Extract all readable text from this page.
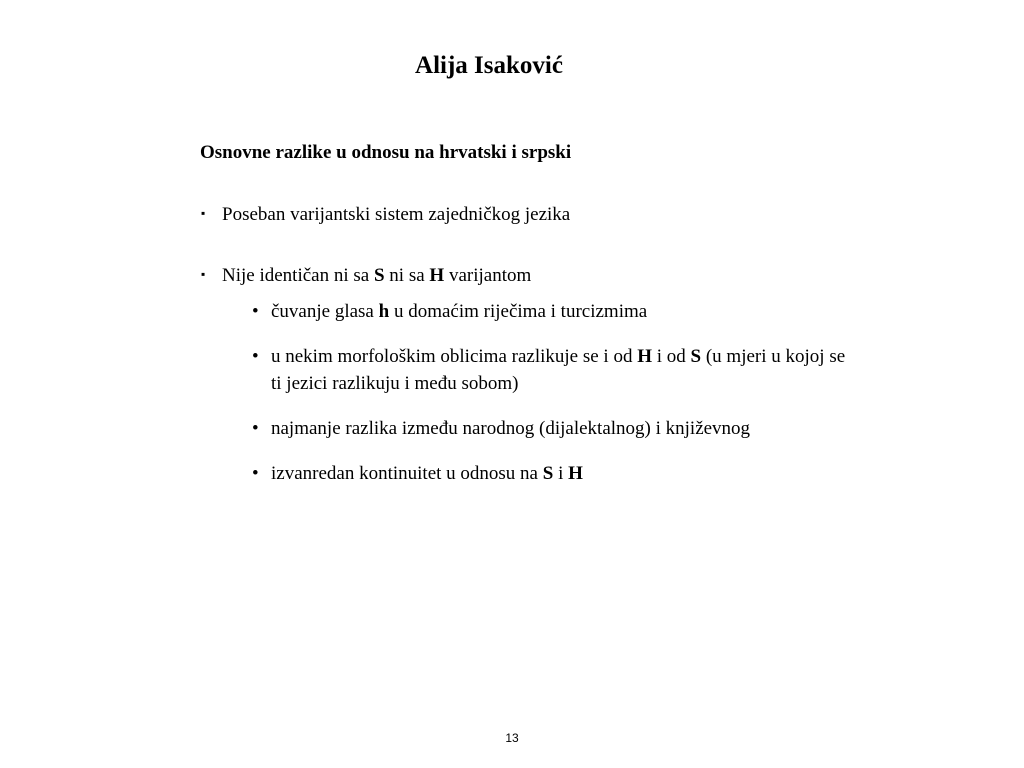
Alija Isaković
Osnovne razlike u odnosu na hrvatski i srpski
▪ Poseban varijantski sistem zajedničkog jezika
▪ Nije identičan ni sa S ni sa H varijantom
• čuvanje glasa h u domaćim riječima i turcizmima
• u nekim morfološkim oblicima razlikuje se i od H i od S (u mjeri u kojoj se
ti jezici razlikuju i među sobom)
• najmanje razlika između narodnog (dijalektalnog) i književnog
• izvanredan kontinuitet u odnosu na S i H
13
